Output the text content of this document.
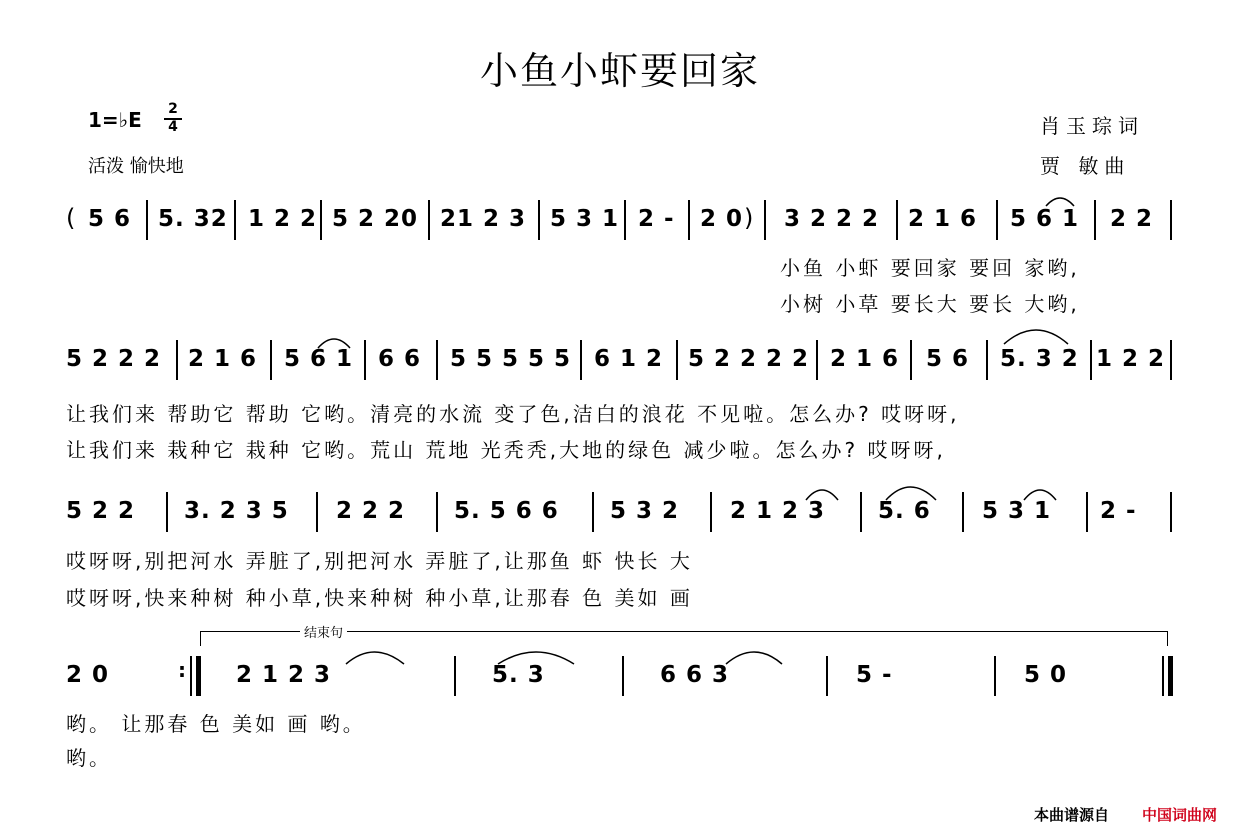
小鱼小虾要回家
1=♭E 2
4
活泼 愉快地
肖玉琮词
贾 敏曲
( 5 6 5. 32 1 2 2 5 2 20 21 2 3 5 3 1 2 - 2 0 ) 3 2 2 2 2 1 6 5 6 1 2 2
小鱼 小虾 要回家 要回 家哟,
小树 小草 要长大 要长 大哟,
5 2 2 2 2 1 6 5 6 1 6 6 5 5 5 5 5 6 1 2 5 2 2 2 2 2 1 6 5 6 5. 3 2 1 2 2
让我们来 帮助它 帮助 它哟。清亮的水流 变了色,洁白的浪花 不见啦。怎么办? 哎呀呀,
让我们来 栽种它 栽种 它哟。荒山 荒地 光秃秃,大地的绿色 减少啦。怎么办? 哎呀呀,
5 2 2 3. 2 3 5 2 2 2 5. 5 6 6 5 3 2 2 1 2 3 5. 6 5 3 1 2 -
哎呀呀,别把河水 弄脏了,别把河水 弄脏了,让那鱼 虾 快长 大
哎呀呀,快来种树 种小草,快来种树 种小草,让那春 色 美如 画
结束句
2 0	: 2 1 2 3	5. 3	6 6 3	5 -	5 0
哟。 让那春 色 美如 画 哟。
哟。
本曲谱源自 中国词曲网
